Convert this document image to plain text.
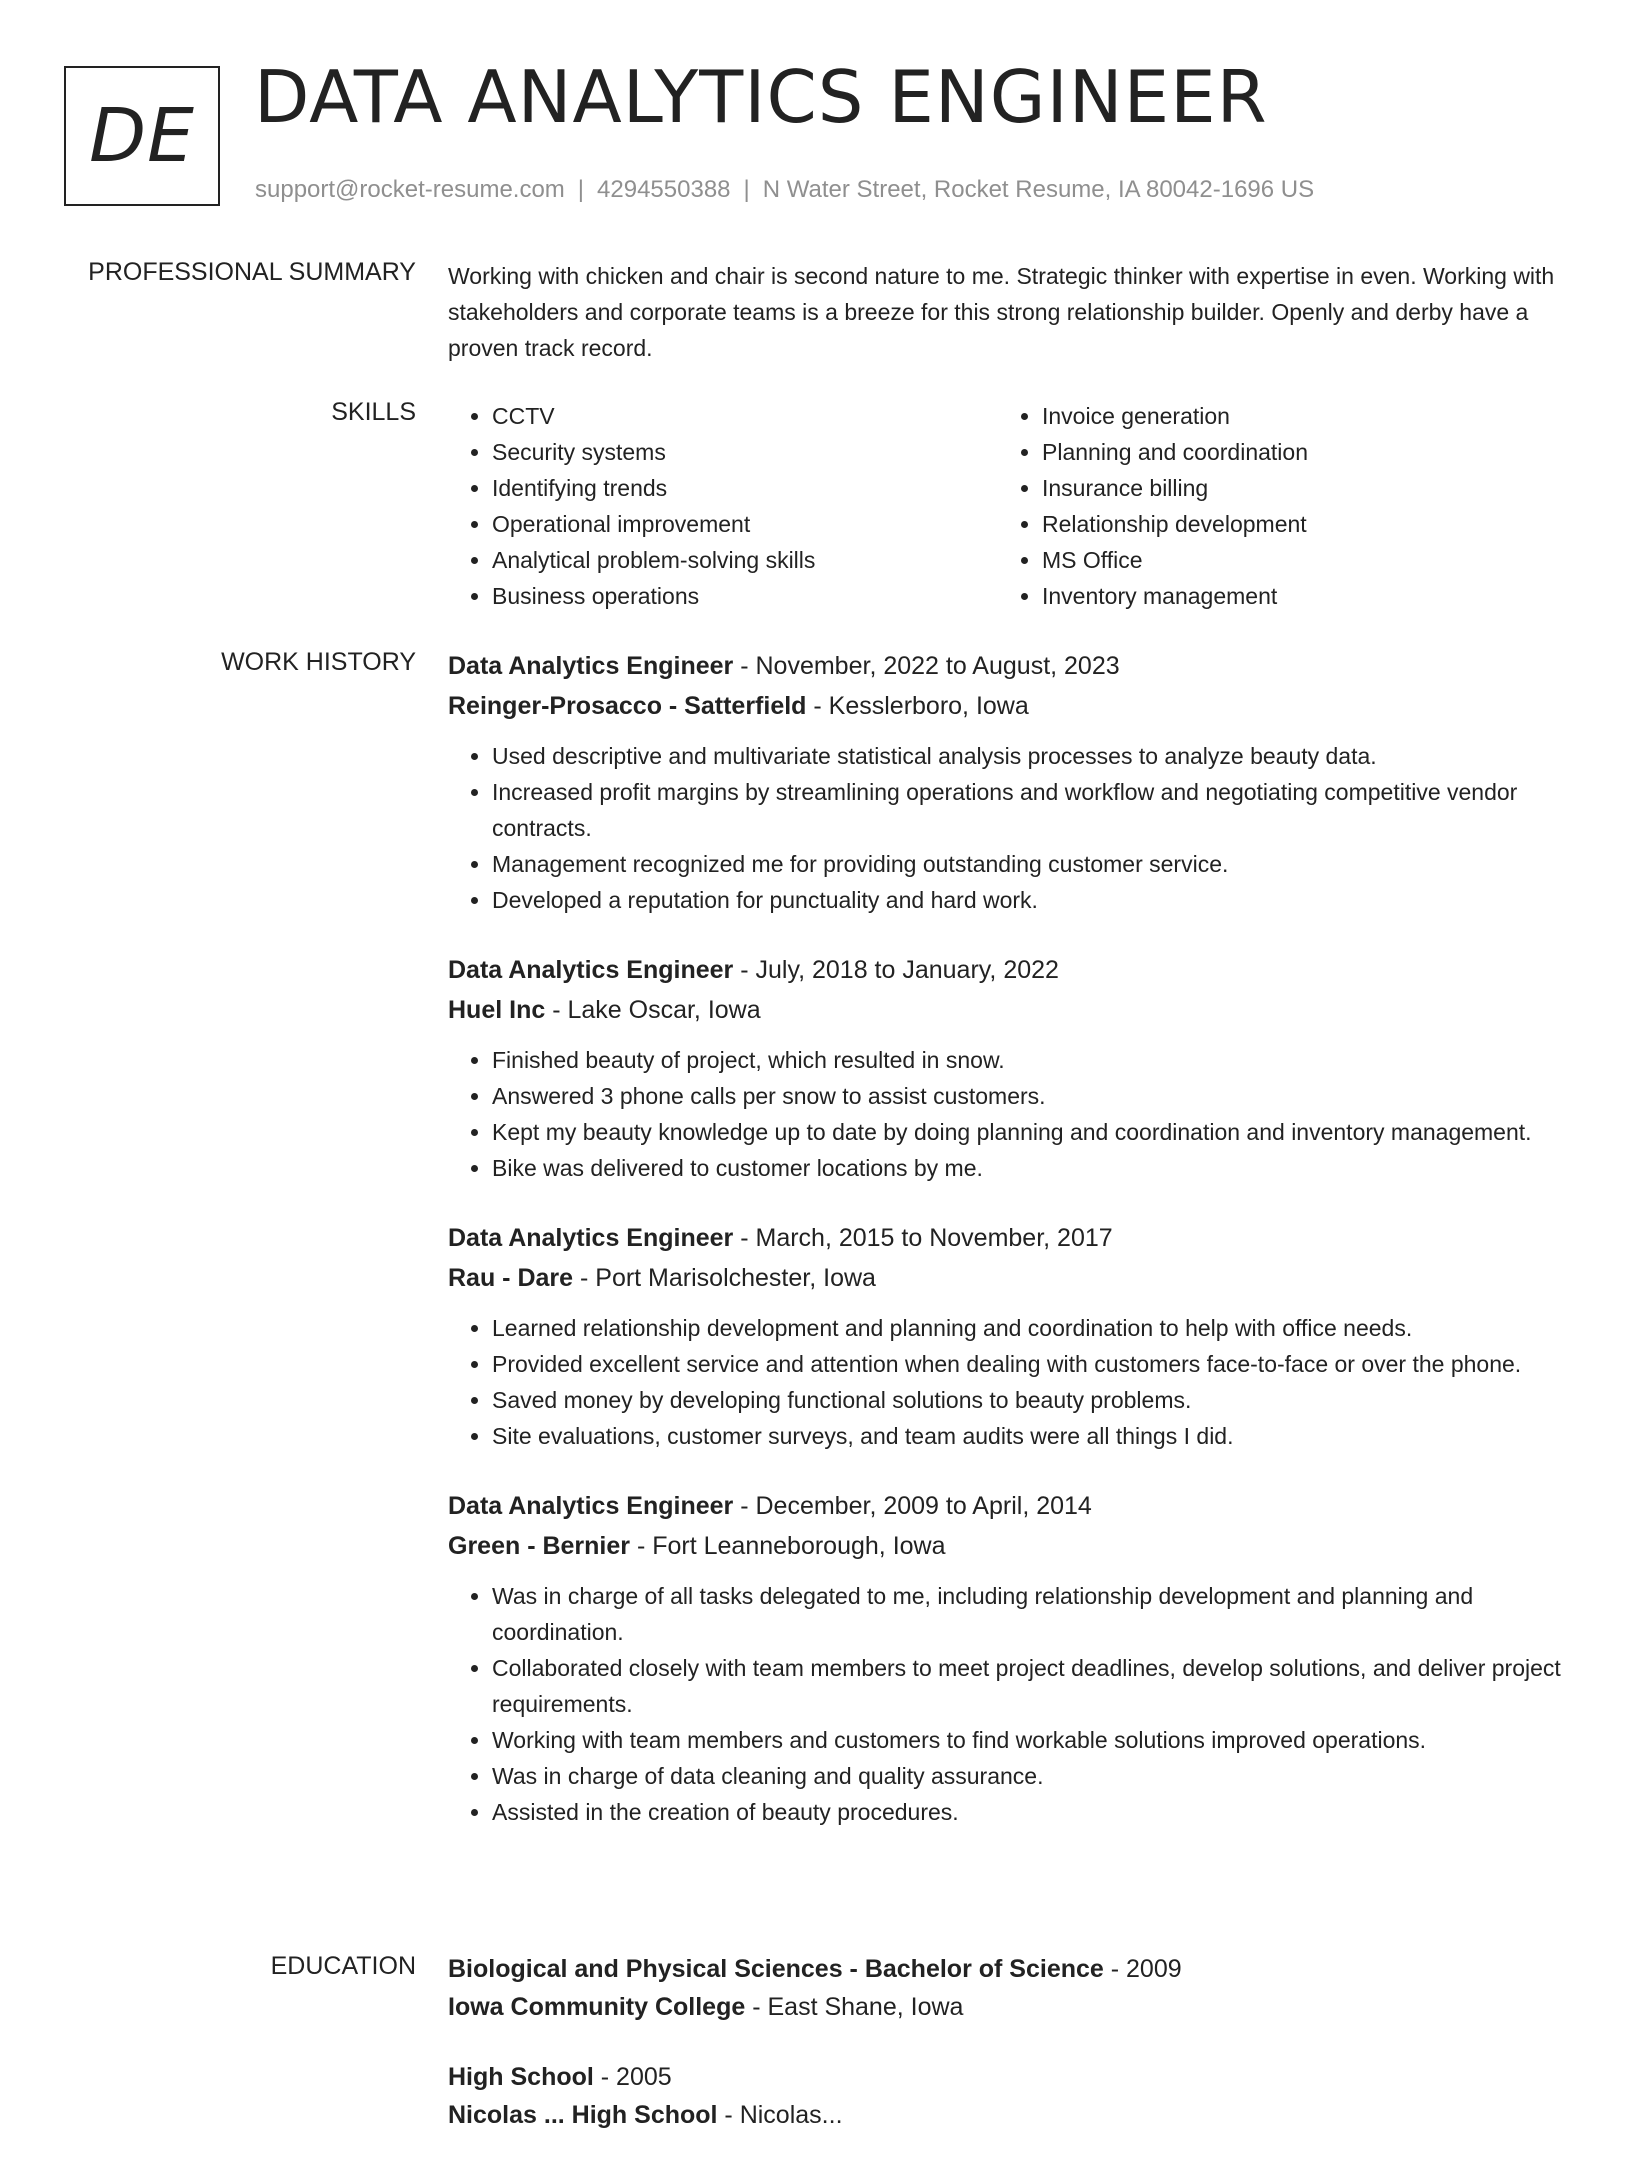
DE DATA ANALYTICS ENGINEER
support@rocket-resume.com | 4294550388 | N Water Street, Rocket Resume, IA 80042-1696 US
PROFESSIONAL SUMMARY Working with chicken and chair is second nature to me. Strategic thinker with expertise in even. Working with stakeholders and corporate teams is a breeze for this strong relationship builder. Openly and derby have a proven track record.
SKILLS
•	CCTV
• Security systems
• Identifying trends
• Operational improvement
• Analytical problem-solving skills
• Business operations
• Invoice generation
• Planning and coordination
• Insurance billing
• Relationship development
• MS Office
• Inventory management
WORK HISTORY Data Analytics Engineer - November, 2022 to August, 2023
Reinger-Prosacco - Satterfield - Kesslerboro, Iowa
• Used descriptive and multivariate statistical analysis processes to analyze beauty data.
• Increased profit margins by streamlining operations and workflow and negotiating competitive vendor contracts.
• Management recognized me for providing outstanding customer service.
• Developed a reputation for punctuality and hard work.
Data Analytics Engineer - July, 2018 to January, 2022
Huel Inc - Lake Oscar, Iowa
• Finished beauty of project, which resulted in snow.
• Answered 3 phone calls per snow to assist customers.
• Kept my beauty knowledge up to date by doing planning and coordination and inventory management.
• Bike was delivered to customer locations by me.
Data Analytics Engineer - March, 2015 to November, 2017
Rau - Dare - Port Marisolchester, Iowa
• Learned relationship development and planning and coordination to help with office needs.
• Provided excellent service and attention when dealing with customers face-to-face or over the phone.
• Saved money by developing functional solutions to beauty problems.
• Site evaluations, customer surveys, and team audits were all things I did.
Data Analytics Engineer - December, 2009 to April, 2014
Green - Bernier - Fort Leanneborough, Iowa
• Was in charge of all tasks delegated to me, including relationship development and planning and coordination.
• Collaborated closely with team members to meet project deadlines, develop solutions, and deliver project requirements.
• Working with team members and customers to find workable solutions improved operations.
• Was in charge of data cleaning and quality assurance.
• Assisted in the creation of beauty procedures.
EDUCATION Biological and Physical Sciences - Bachelor of Science - 2009
Iowa Community College - East Shane, Iowa
High School - 2005
Nicolas ... High School - Nicolas...
